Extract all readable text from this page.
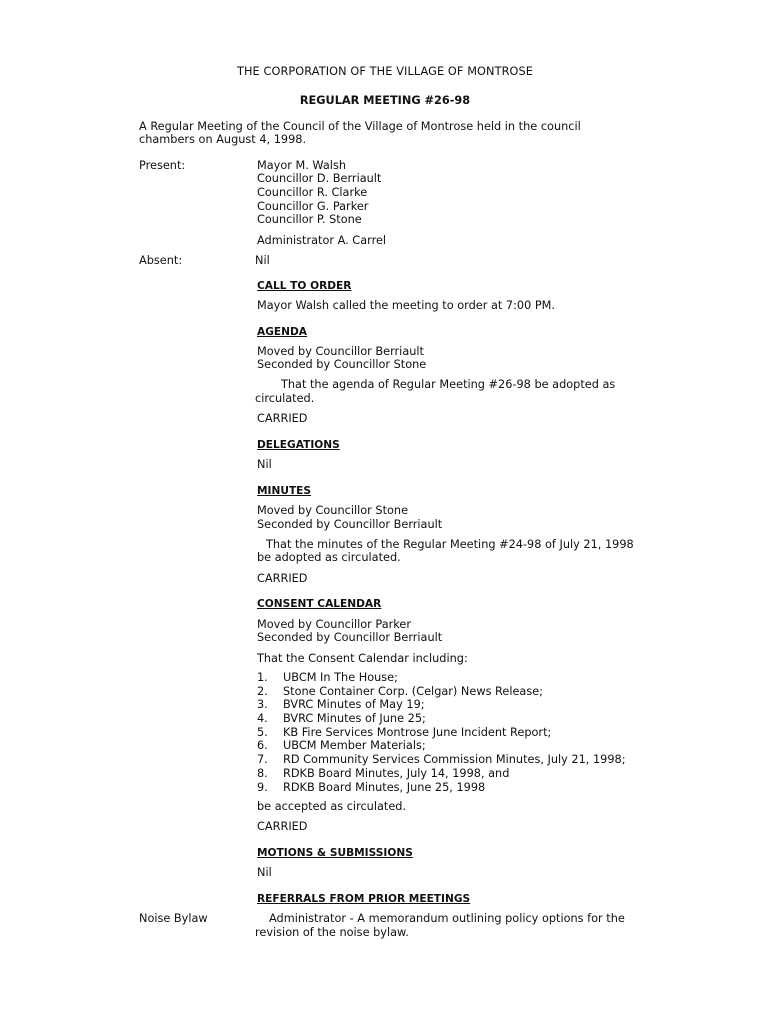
THE CORPORATION OF THE VILLAGE OF MONTROSE
REGULAR MEETING #26-98
A Regular Meeting of the Council of the Village of Montrose held in the council
chambers on August 4, 1998.
Present:	Mayor M. Walsh
Councillor D. Berriault
Councillor R. Clarke
Councillor G. Parker
Councillor P. Stone
Administrator A. Carrel
Absent:	Nil
CALL TO ORDER
Mayor Walsh called the meeting to order at 7:00 PM.
AGENDA
Moved by Councillor Berriault
Seconded by Councillor Stone
That the agenda of Regular Meeting #26-98 be adopted as
circulated.
CARRIED
DELEGATIONS
Nil
MINUTES
Moved by Councillor Stone
Seconded by Councillor Berriault
That the minutes of the Regular Meeting #24-98 of July 21, 1998
be adopted as circulated.
CARRIED
CONSENT CALENDAR
Moved by Councillor Parker
Seconded by Councillor Berriault
That the Consent Calendar including:
1. UBCM In The House;
2. Stone Container Corp. (Celgar) News Release;
3. BVRC Minutes of May 19;
4. BVRC Minutes of June 25;
5. KB Fire Services Montrose June Incident Report;
6. UBCM Member Materials;
7. RD Community Services Commission Minutes, July 21, 1998;
8. RDKB Board Minutes, July 14, 1998, and
9. RDKB Board Minutes, June 25, 1998
be accepted as circulated.
CARRIED
MOTIONS & SUBMISSIONS
Nil
REFERRALS FROM PRIOR MEETINGS
Noise Bylaw	Administrator - A memorandum outlining policy options for the
revision of the noise bylaw.
